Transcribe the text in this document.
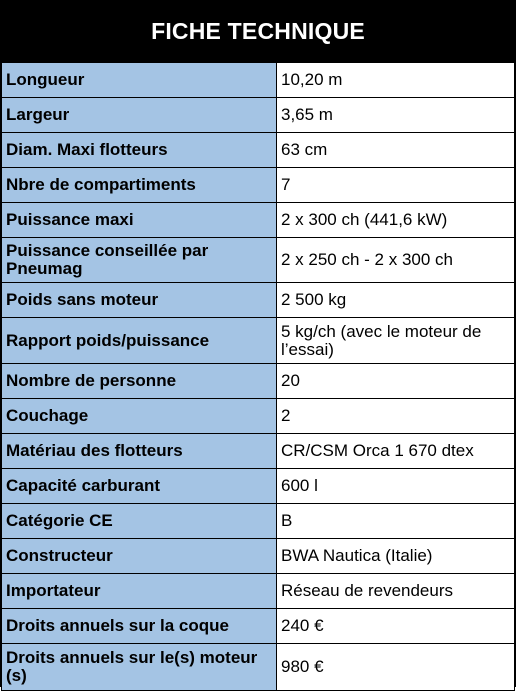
FICHE TECHNIQUE
Longueur	10,20 m
Largeur	3,65 m
Diam. Maxi flotteurs	63 cm
Nbre de compartiments	7
Puissance maxi	2 x 300 ch (441,6 kW)
Puissance conseillée par Pneumag	2 x 250 ch - 2 x 300 ch
Poids sans moteur	2 500 kg
Rapport poids/puissance	5 kg/ch (avec le moteur de l’essai)
Nombre de personne	20
Couchage	2
Matériau des flotteurs	CR/CSM Orca 1 670 dtex
Capacité carburant	600 l
Catégorie CE	B
Constructeur	BWA Nautica (Italie)
Importateur	Réseau de revendeurs
Droits annuels sur la coque	240 €
Droits annuels sur le(s) moteur (s)	980 €
